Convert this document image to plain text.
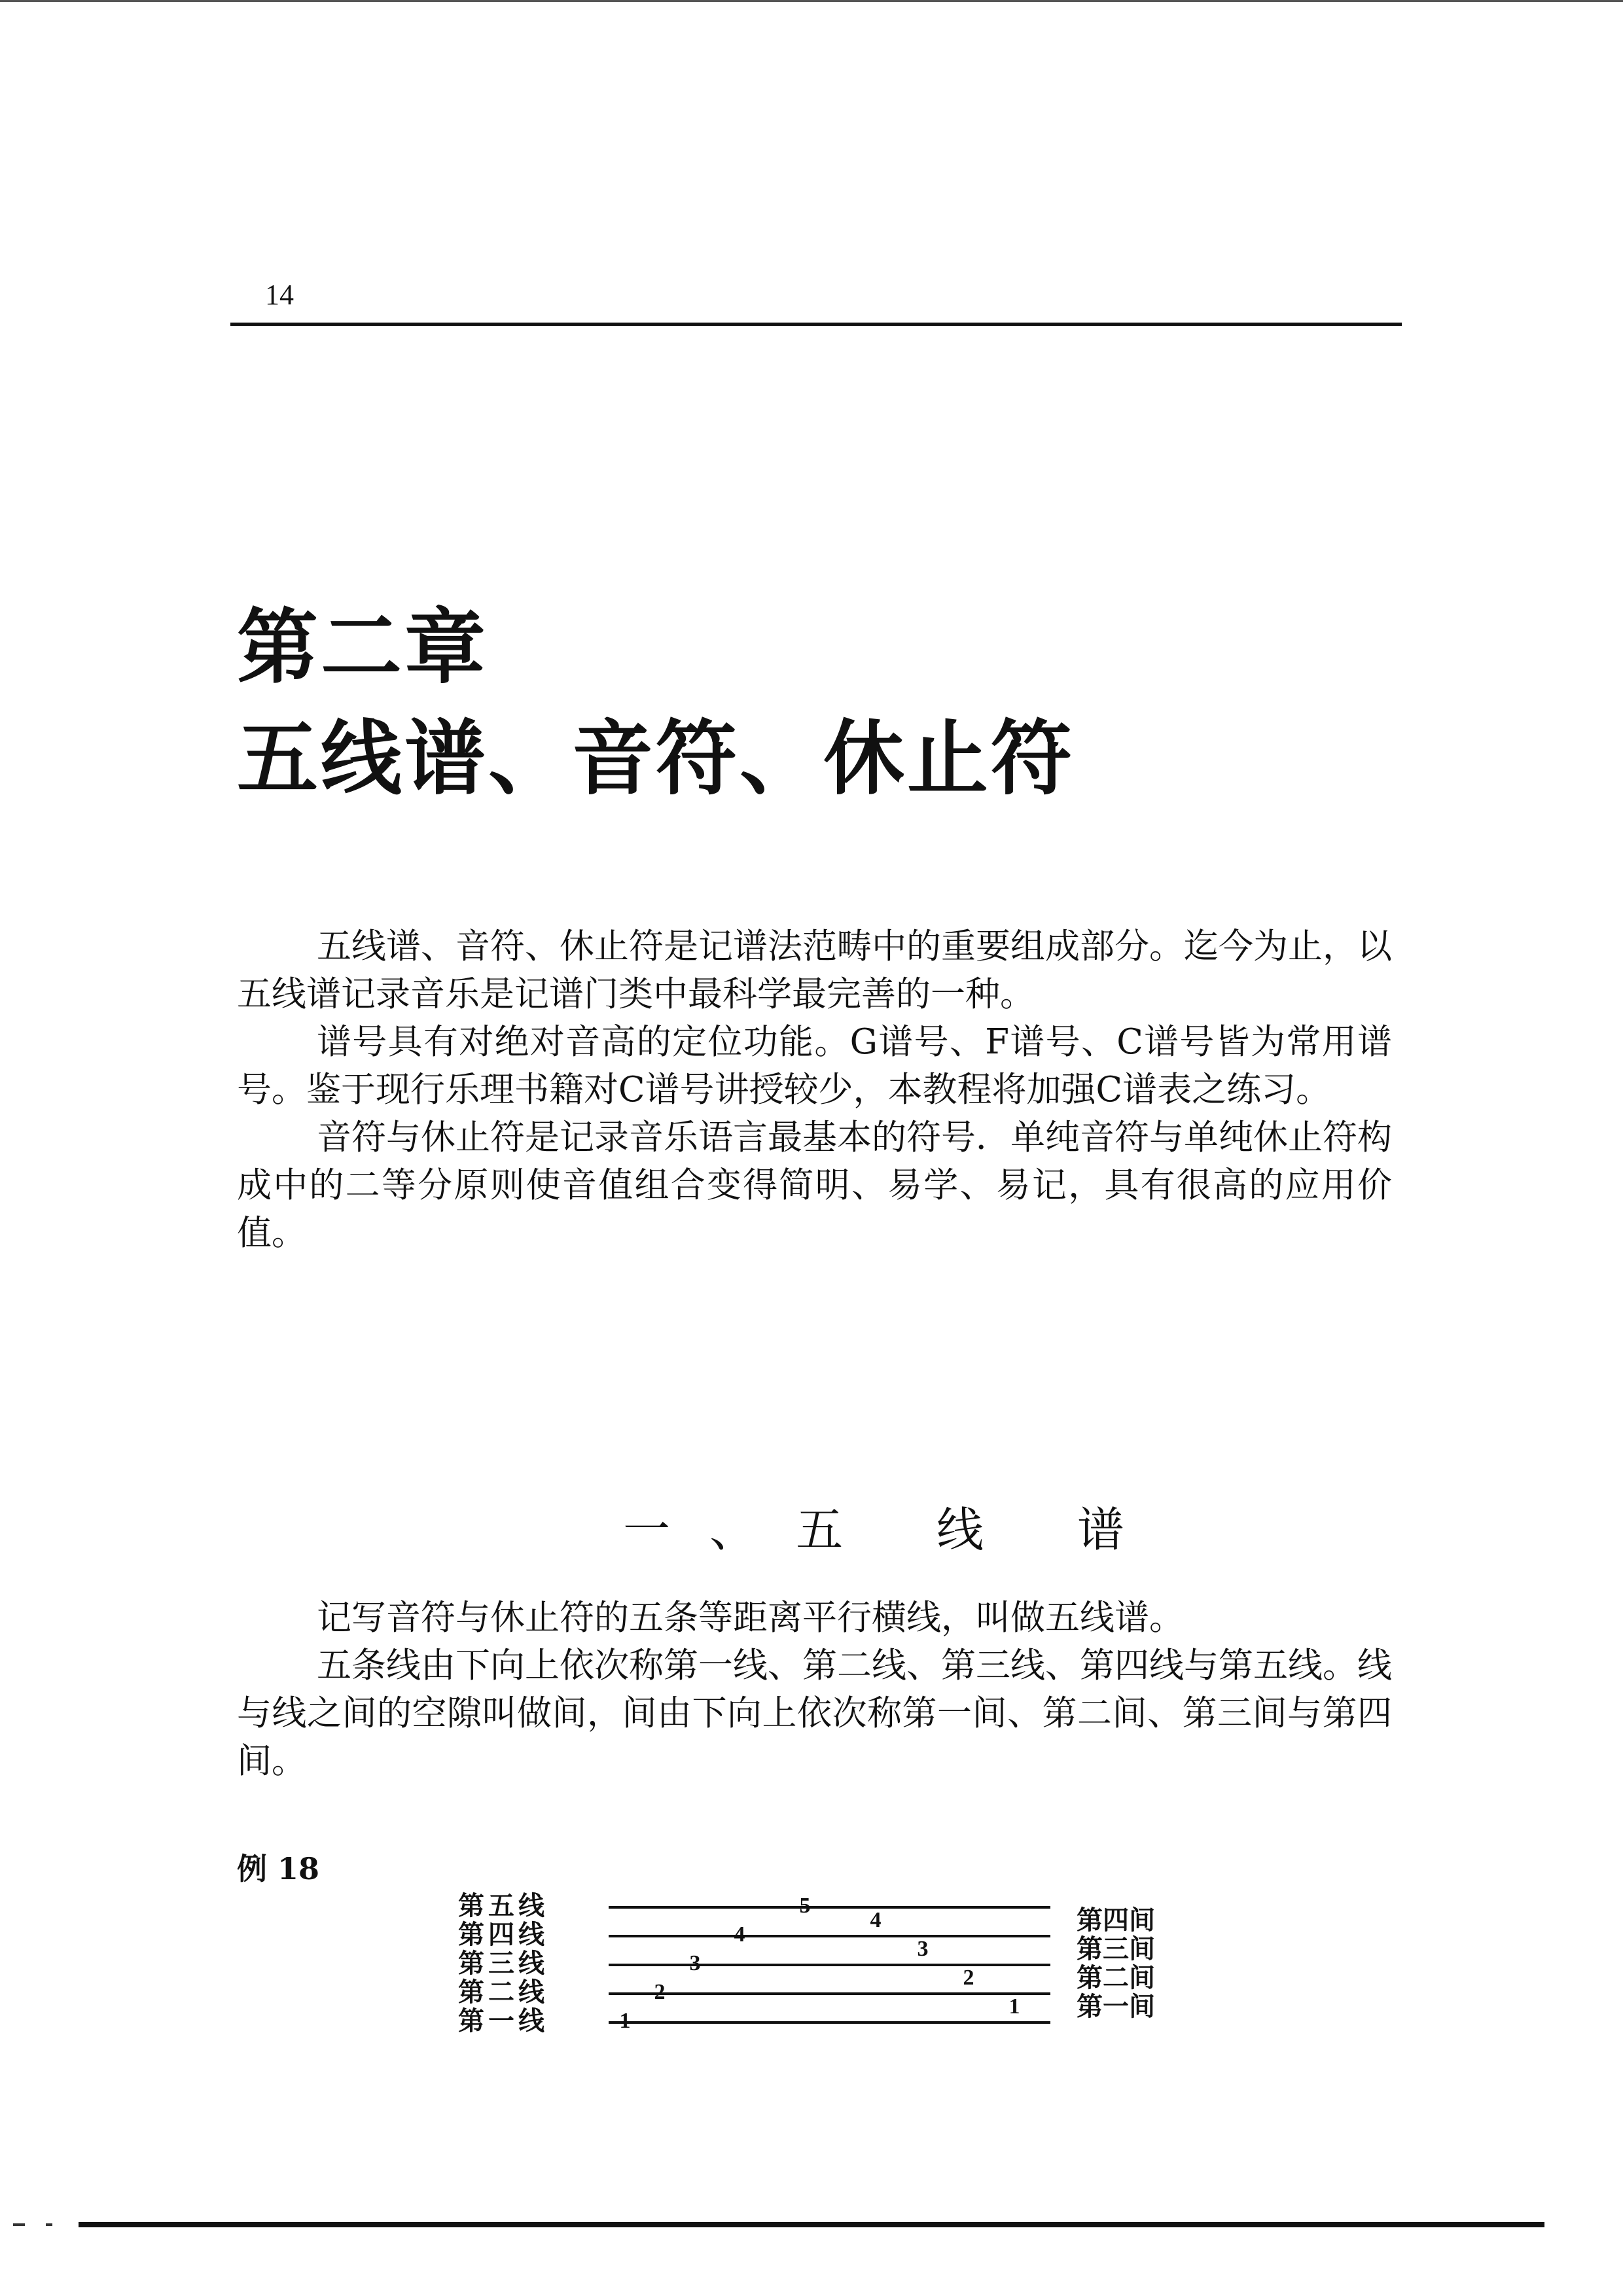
14
第二章
五线谱、音符、休止符

五线谱、音符、休止符是记谱法范畴中的重要组成部分。迄今为止，以五线谱记录音乐是记谱门类中最科学最完善的一种。

谱号具有对绝对音高的定位功能。G谱号、F谱号、C谱号皆为常用谱号。鉴于现行乐理书籍对C谱号讲授较少，本教程将加强C谱表之练习。

音符与休止符是记录音乐语言最基本的符号．单纯音符与单纯休止符构成中的二等分原则使音值组合变得简明、易学、易记，具有很高的应用价值。

一、五 线 谱

记写音符与休止符的五条等距离平行横线，叫做五线谱。

五条线由下向上依次称第一线、第二线、第三线、第四线与第五线。线与线之间的空隙叫做间，间由下向上依次称第一间、第二间、第三间与第四间。

例 18
第五线
第四线
第三线
第二线
第一线
第四间
第三间
第二间
第一间
1
2
3
4
5
1
2
3
4
